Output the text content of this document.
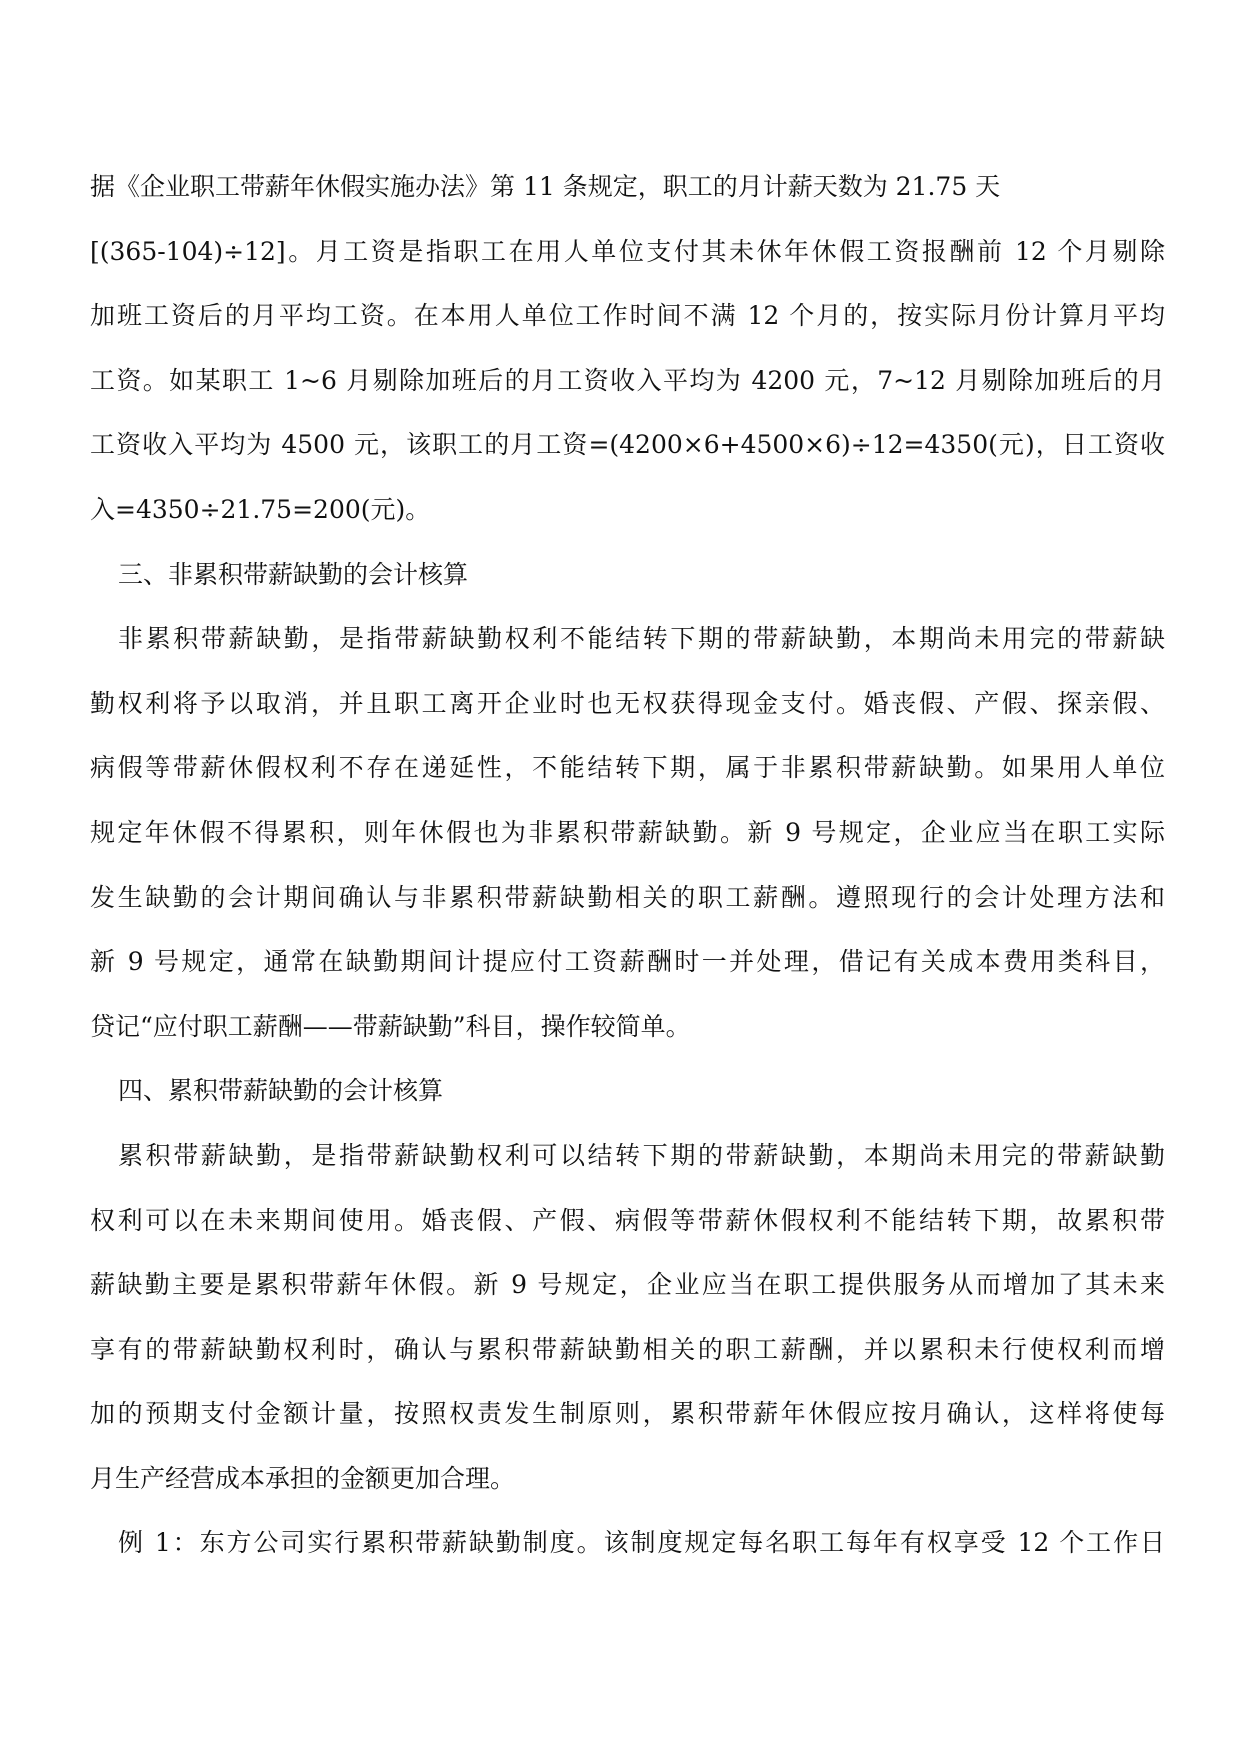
据《企业职工带薪年休假实施办法》第 11 条规定，职工的月计薪天数为 21.75 天
[(365-104)÷12]。月工资是指职工在用人单位支付其未休年休假工资报酬前 12 个月剔除
加班工资后的月平均工资。在本用人单位工作时间不满 12 个月的，按实际月份计算月平均
工资。如某职工 1~6 月剔除加班后的月工资收入平均为 4200 元，7~12 月剔除加班后的月
工资收入平均为 4500 元，该职工的月工资=(4200×6+4500×6)÷12=4350(元)，日工资收
入=4350÷21.75=200(元)。
三、非累积带薪缺勤的会计核算
非累积带薪缺勤，是指带薪缺勤权利不能结转下期的带薪缺勤，本期尚未用完的带薪缺
勤权利将予以取消，并且职工离开企业时也无权获得现金支付。婚丧假、产假、探亲假、
病假等带薪休假权利不存在递延性，不能结转下期，属于非累积带薪缺勤。如果用人单位
规定年休假不得累积，则年休假也为非累积带薪缺勤。新 9 号规定，企业应当在职工实际
发生缺勤的会计期间确认与非累积带薪缺勤相关的职工薪酬。遵照现行的会计处理方法和
新 9 号规定，通常在缺勤期间计提应付工资薪酬时一并处理，借记有关成本费用类科目，
贷记“应付职工薪酬——带薪缺勤”科目，操作较简单。
四、累积带薪缺勤的会计核算
累积带薪缺勤，是指带薪缺勤权利可以结转下期的带薪缺勤，本期尚未用完的带薪缺勤
权利可以在未来期间使用。婚丧假、产假、病假等带薪休假权利不能结转下期，故累积带
薪缺勤主要是累积带薪年休假。新 9 号规定，企业应当在职工提供服务从而增加了其未来
享有的带薪缺勤权利时，确认与累积带薪缺勤相关的职工薪酬，并以累积未行使权利而增
加的预期支付金额计量，按照权责发生制原则，累积带薪年休假应按月确认，这样将使每
月生产经营成本承担的金额更加合理。
例 1：东方公司实行累积带薪缺勤制度。该制度规定每名职工每年有权享受 12 个工作日
